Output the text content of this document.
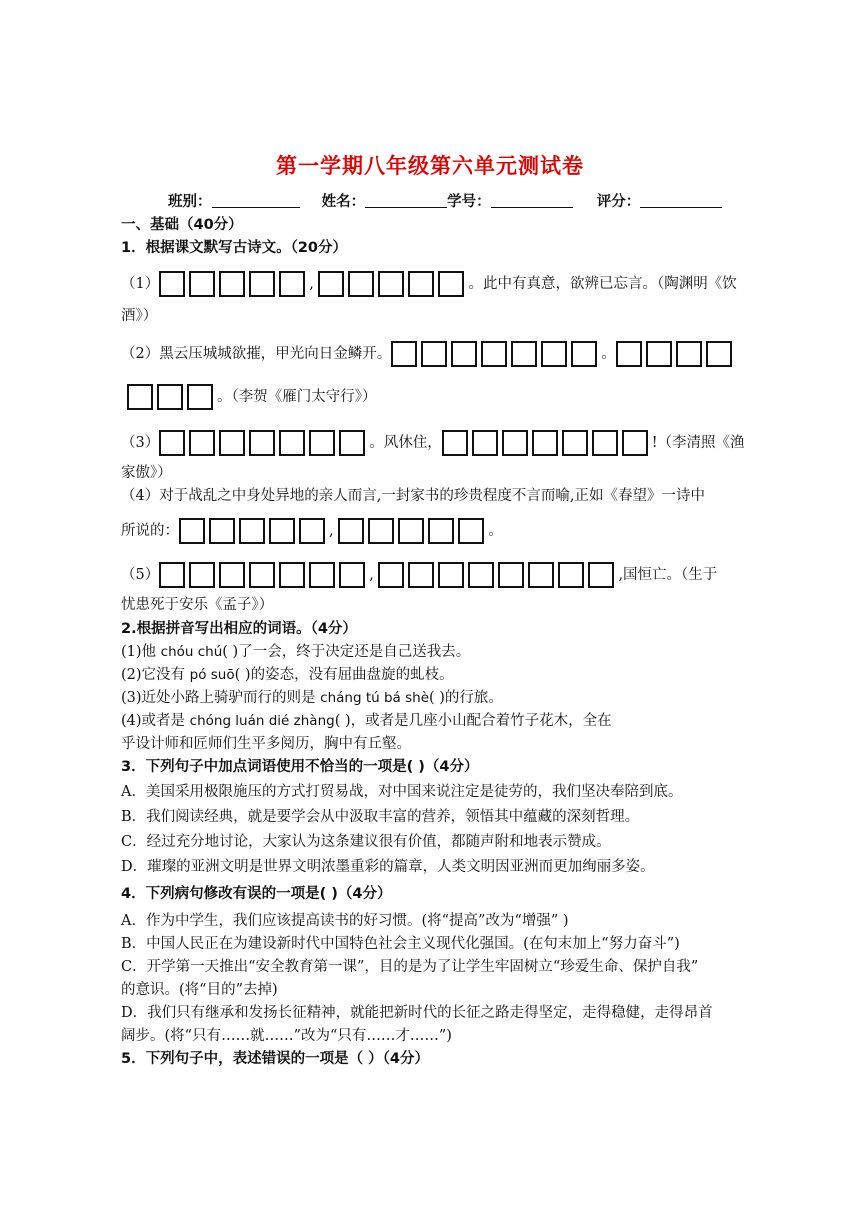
第一学期八年级第六单元测试卷
班别：	姓名：	学号：	评分：
一、基础（40分）
1．根据课文默写古诗文。（20分）
（1）	,	。此中有真意，欲辨已忘言。（陶渊明《饮
酒》）
（2）黑云压城城欲摧，甲光向日金鳞开。	。
。（李贺《雁门太守行》）
（3）	。风休住，	!（李清照《渔
家傲》）
（4）对于战乱之中身处异地的亲人而言,一封家书的珍贵程度不言而喻,正如《春望》一诗中
所说的：	,	。
（5）	,	,国恒亡。（生于
忧患死于安乐《孟子》）
2.根据拼音写出相应的词语。（4分）
(1)他 chóu chú( )了一会，终于决定还是自己送我去。
(2)它没有 pó suō( )的姿态，没有屈曲盘旋的虬枝。
(3)近处小路上骑驴而行的则是 cháng tú bá shè( )的行旅。
(4)或者是 chóng luán dié zhàng( )，或者是几座小山配合着竹子花木，全在
乎设计师和匠师们生平多阅历，胸中有丘壑。
3．下列句子中加点词语使用不恰当的一项是( )（4分）
A．美国采用极限施压的方式打贸易战，对中国来说注定是徒劳的，我们坚决奉陪到底。
B．我们阅读经典，就是要学会从中汲取丰富的营养，领悟其中蕴藏的深刻哲理。
C．经过充分地讨论，大家认为这条建议很有价值，都随声附和地表示赞成。
D．璀璨的亚洲文明是世界文明浓墨重彩的篇章，人类文明因亚洲而更加绚丽多姿。
4．下列病句修改有误的一项是( )（4分）
A．作为中学生，我们应该提高读书的好习惯。(将“提高”改为“增强” )
B．中国人民正在为建设新时代中国特色社会主义现代化强国。(在句末加上“努力奋斗”)
C．开学第一天推出“安全教育第一课”，目的是为了让学生牢固树立“珍爱生命、保护自我”
的意识。(将“目的”去掉)
D．我们只有继承和发扬长征精神，就能把新时代的长征之路走得坚定，走得稳健，走得昂首
阔步。(将“只有……就……”改为“只有……才……”)
5．下列句子中，表述错误的一项是（ ）（4分）
